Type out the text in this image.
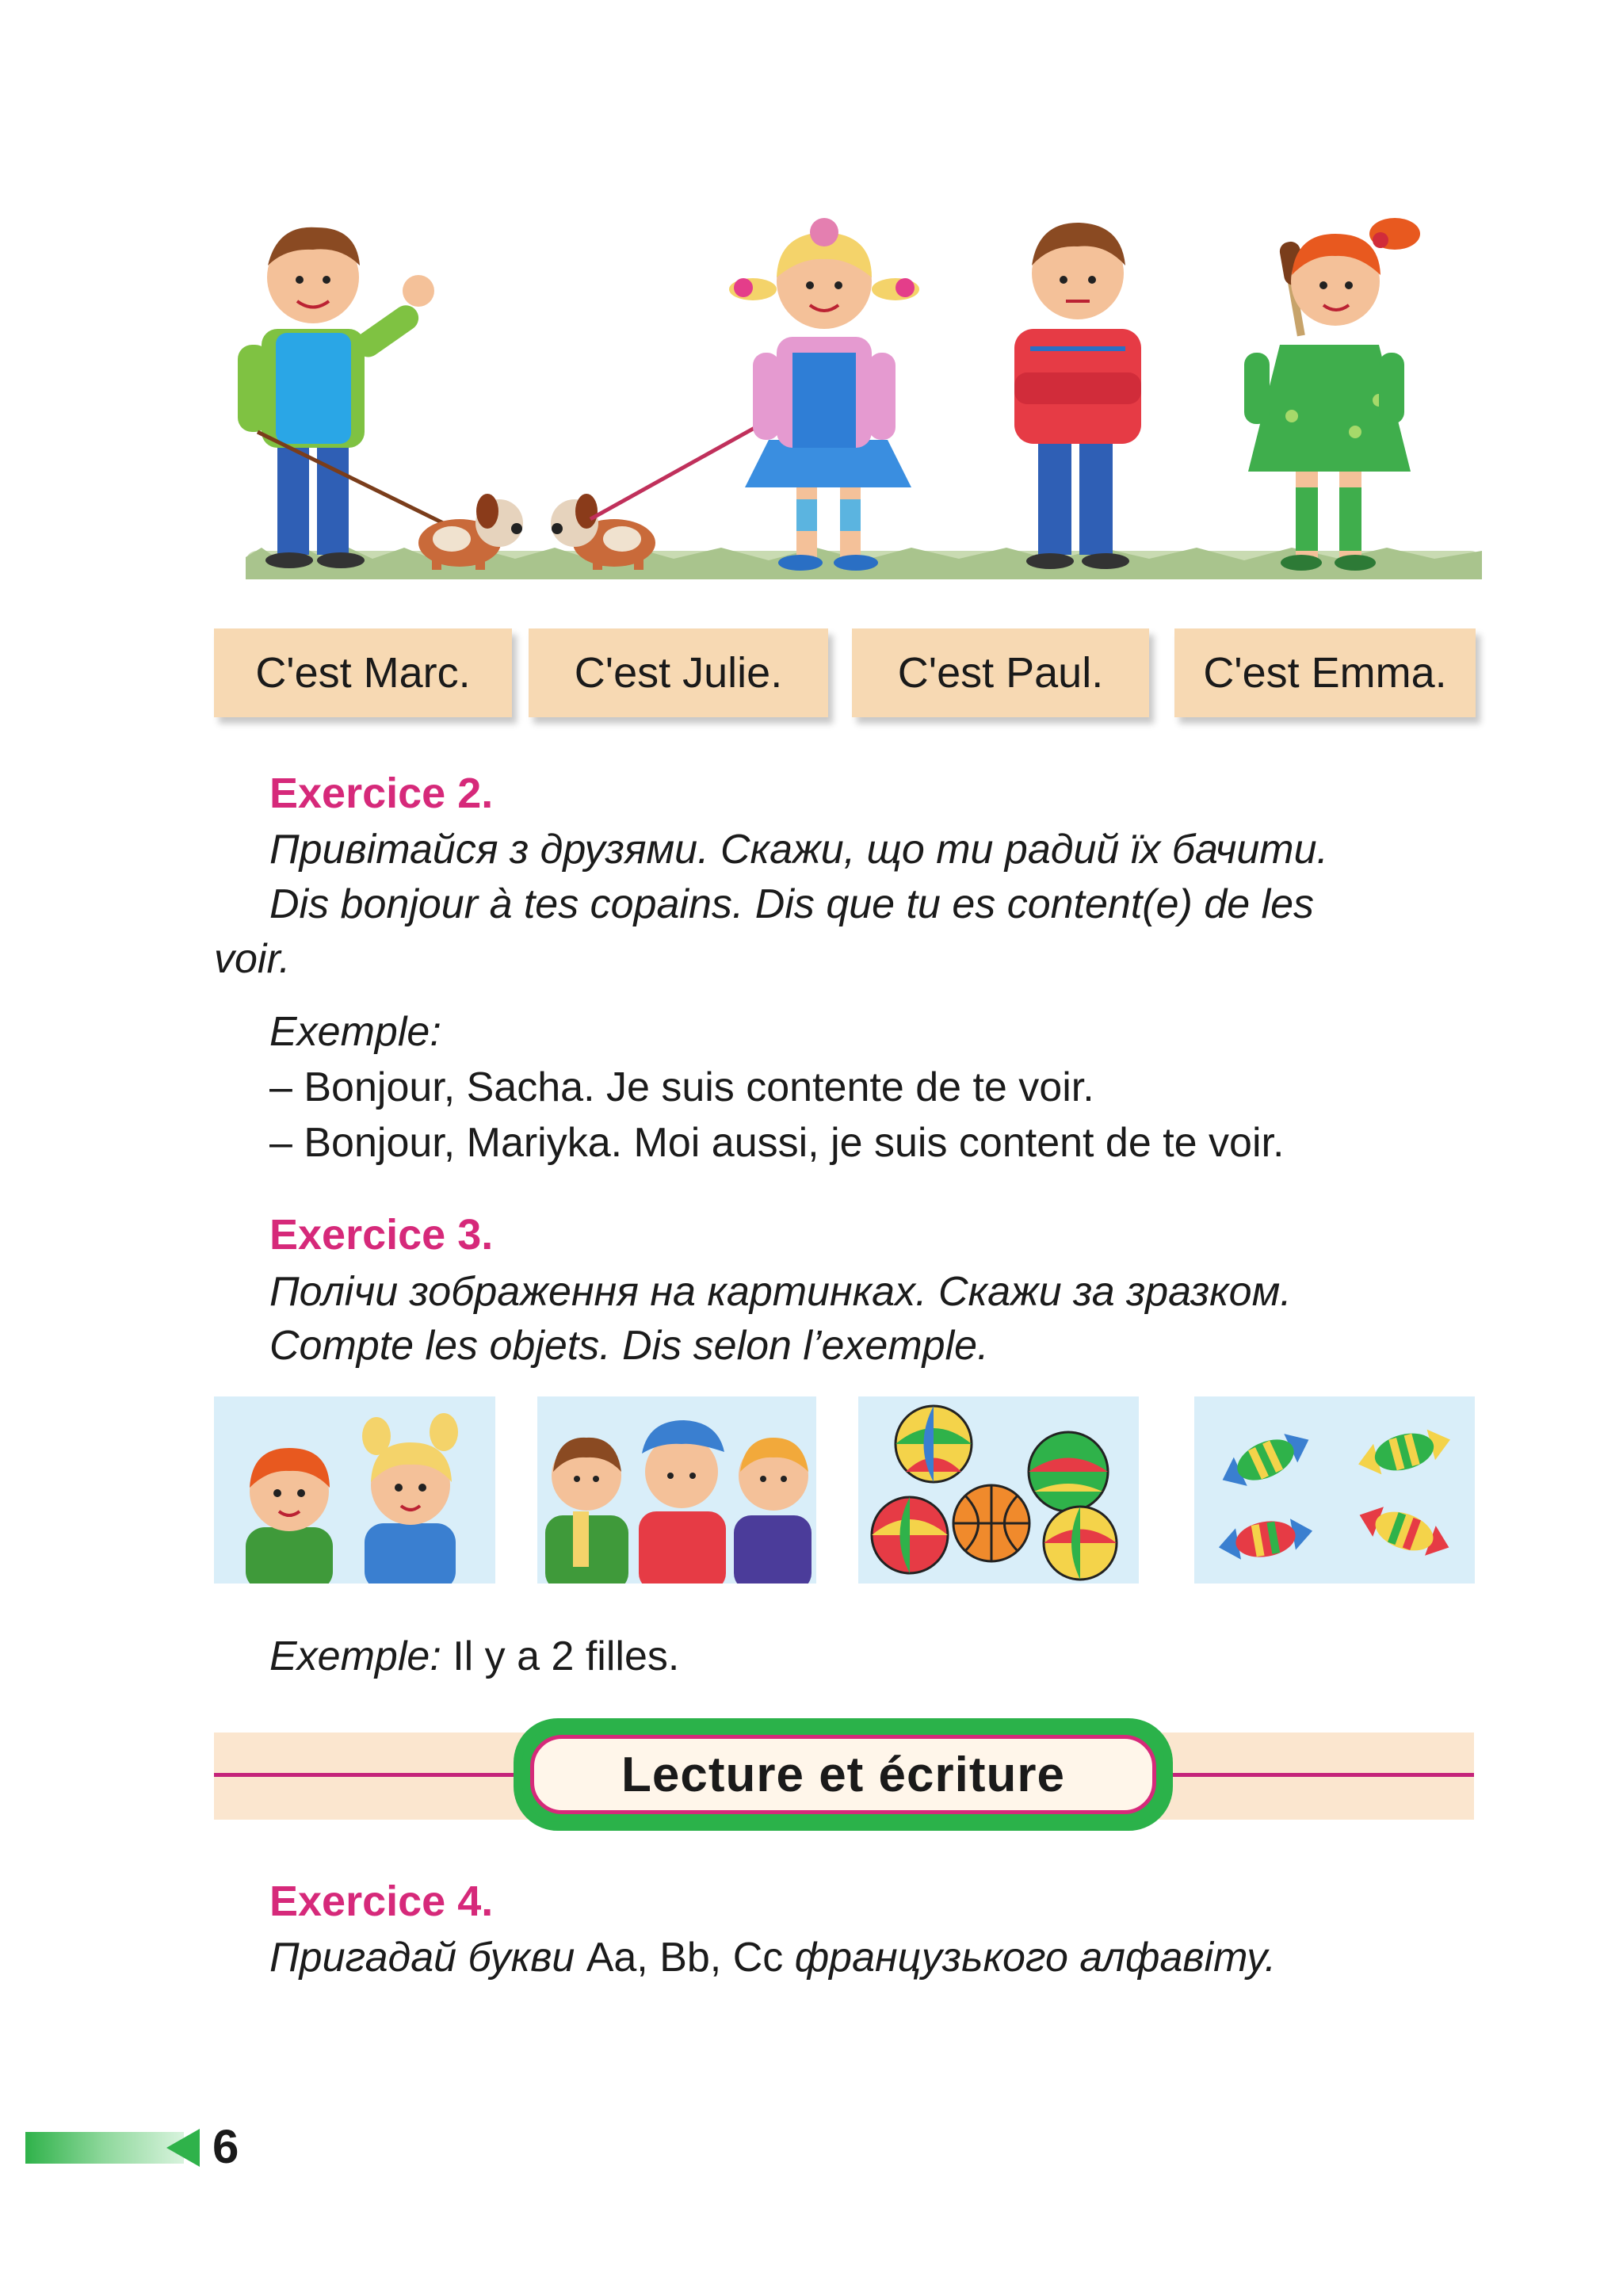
C'est Marc.	C'est Julie.	C'est Paul.	C'est Emma.
Exercice 2.
Привітайся з друзями. Скажи, що ти радий їх бачити.
Dis bonjour à tes copains. Dis que tu es content(e) de les
voir.
Exemple:
– Bonjour, Sacha. Je suis contente de te voir.
– Bonjour, Mariyka. Moi aussi, je suis content de te voir.
Exercice 3.
Полічи зображення на картинках. Скажи за зразком.
Compte les objets. Dis selon l’exemple.
Exemple: Il y a 2 filles.
Lecture et écriture
Exercice 4.
Пригадай букви Aa, Bb, Cc французького алфавіту.
6
